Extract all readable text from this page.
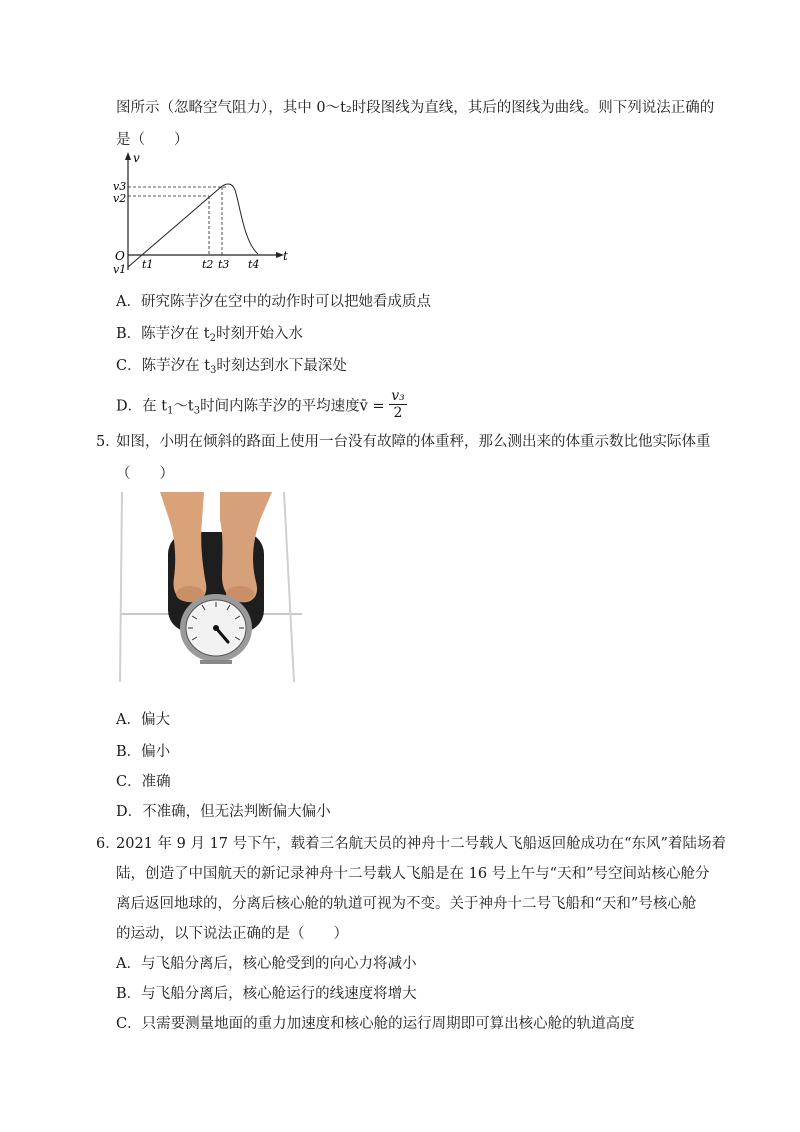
图所示（忽略空气阻力），其中 0～t₂时段图线为直线，其后的图线为曲线。则下列说法正确的
是（　　）
v
t
O
v3
v2
v1 t1	t2 t3 t4
A．研究陈芋汐在空中的动作时可以把她看成质点
B．陈芋汐在 $t_2$时刻开始入水
C．陈芋汐在 $t_3$时刻达到水下最深处
D．在 $t_1\sim t_3$时间内陈芋汐的平均速度v̄ = $\frac{\text{v₃}}{2}$
5．
如图，小明在倾斜的路面上使用一台没有故障的体重秤，那么测出来的体重示数比他实际体重
（　　）
A．偏大
B．偏小
C．准确
D．不准确，但无法判断偏大偏小
6．
2021 年 9 月 17 号下午，载着三名航天员的神舟十二号载人飞船返回舱成功在“东风”着陆场着
陆，创造了中国航天的新记录神舟十二号载人飞船是在 16 号上午与“天和”号空间站核心舱分
离后返回地球的，分离后核心舱的轨道可视为不变。关于神舟十二号飞船和“天和”号核心舱
的运动，以下说法正确的是（　　）
A．与飞船分离后，核心舱受到的向心力将减小
B．与飞船分离后，核心舱运行的线速度将增大
C．只需要测量地面的重力加速度和核心舱的运行周期即可算出核心舱的轨道高度
